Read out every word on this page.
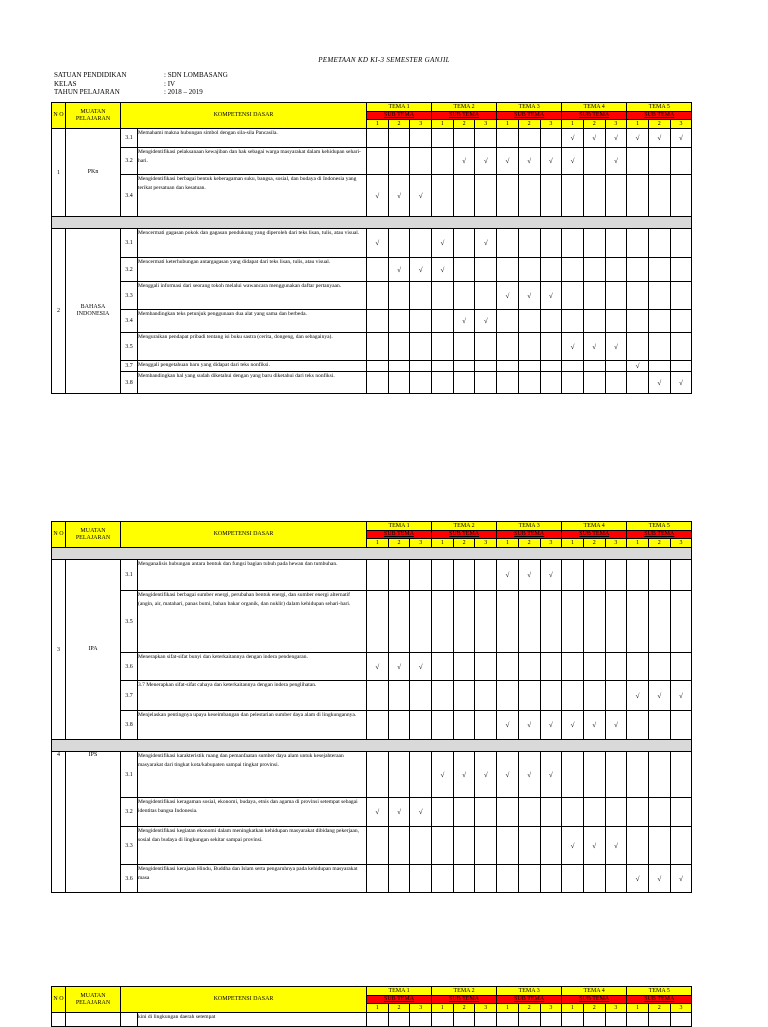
PEMETAAN KD KI-3 SEMESTER GANJIL
SATUAN PENDIDIKAN	: SDN LOMBASANG
KELAS	: IV
TAHUN PELAJARAN	: 2018 – 2019
N O	MUATAN PELAJARAN	KOMPETENSI DASAR		TEMA 1			TEMA 2			TEMA 3			TEMA 4			TEMA 5		
				SUB TEMA			SUB TEMA			SUB TEMA			SUB TEMA			SUB TEMA		
				1	2	3	1	2	3	1	2	3	1	2	3	1	2	3
1	PKn	3.1	Memahami makna hubungan simbol dengan sila-sila Pancasila.										√	√	√	√	√	√
		3.2	Mengidentifikasi pelaksanaan kewajiban dan hak sebagai warga masyarakat dalam kehidupan sehari-hari.					√	√	√	√	√	√		√			
		3.4	Mengidentifikasi berbagai bentuk keberagaman suku, bangsa, sosial, dan budaya di Indonesia yang terikat persatuan dan kesatuan.	√	√	√												

2	BAHASA INDONESIA	3.1	Mencermati gagasan pokok dan gagasan pendukung yang diperoleh dari teks lisan, tulis, atau visual.	√			√		√									
		3.2	Mencermati keterhubungan antargagasan yang didapat dari teks lisan, tulis, atau visual.		√	√	√											
		3.3	Menggali informasi dari seorang tokoh melalui wawancara menggunakan daftar pertanyaan.							√	√	√						
		3.4	Membandingkan teks petunjuk penggunaan dua alat yang sama dan berbeda.					√	√									
		3.5	Menguraikan pendapat pribadi tentang isi buku sastra (cerita, dongeng, dan sebagainya).										√	√	√			
		3.7	Menggali pengetahuan baru yang didapat dari teks nonfiksi.													√		
		3.8	Membandingkan hal yang sudah diketahui dengan yang baru diketahui dari teks nonfiksi.														√	√
N O	MUATAN PELAJARAN	KOMPETENSI DASAR		TEMA 1			TEMA 2			TEMA 3			TEMA 4			TEMA 5		
				SUB TEMA			SUB TEMA			SUB TEMA			SUB TEMA			SUB TEMA		
				1	2	3	1	2	3	1	2	3	1	2	3	1	2	3

3	IPA	3.1	Menganalisis hubungan antara bentuk dan fungsi bagian tubuh pada hewan dan tumbuhan.							√	√	√						
		3.5	Mengidentifikasi berbagai sumber energi, perubahan bentuk energi, dan sumber energi alternatif (angin, air, matahari, panas bumi, bahan bakar organik, dan nuklir) dalam kehidupan sehari-hari.															
		3.6	Menerapkan sifat-sifat bunyi dan keterkaitannya dengan indera pendengaran.	√	√	√												
		3.7	3.7 Menerapkan sifat-sifat cahaya dan keterkaitannya dengan indera penglihatan.													√	√	√
		3.8	Menjelaskan pentingnya upaya keseimbangan dan pelestarian sumber daya alam di lingkungannya.							√	√	√	√	√	√			

4	IPS	3.1	Mengidentifikasi karakteristik ruang dan pemanfaatan sumber daya alam untuk kesejahteraan masyarakat dari tingkat kota/kabupaten sampai tingkat provinsi.				√	√	√	√	√	√						
		3.2	Mengidentifikasi keragaman sosial, ekonomi, budaya, etnis dan agama di provinsi setempat sebagai identitas bangsa Indonesia.	√	√	√												
		3.3	Mengidentifikasi kegiatan ekonomi dalam meningkatkan kehidupan masyarakat dibidang pekerjaan, sosial dan budaya di lingkungan sekitar sampai provinsi.										√	√	√			
		3.6	Mengidentifikasi kerajaan Hindu, Buddha dan Islam serta pengaruhnya pada kehidupan masyarakat masa													√	√	√
N O	MUATAN PELAJARAN	KOMPETENSI DASAR		TEMA 1			TEMA 2			TEMA 3			TEMA 4			TEMA 5		
				SUB TEMA			SUB TEMA			SUB TEMA			SUB TEMA			SUB TEMA		
				1	2	3	1	2	3	1	2	3	1	2	3	1	2	3
			kini di lingkungan daerah setempat															
